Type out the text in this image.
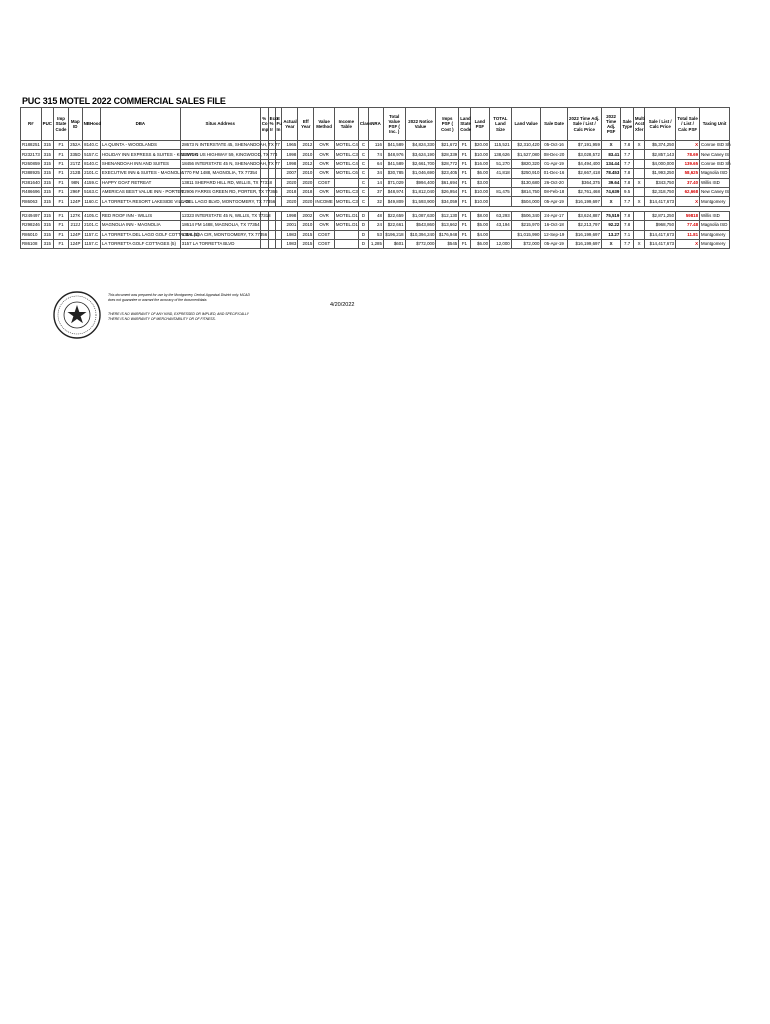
PUC 315 MOTEL 2022 COMMERCIAL SALES FILE
R#	PUC	Imp State Code	Map ID	NBHood	DBA	Situs Address	% Co mp	Eco % Ir	E Fu In	Actual Year	Eff Year	Value Method	Income Table	Class	NRA	Total Value PSF ( Inc. )	2022 Notice Value	Imps PSF ( Cost )	Land State Code	Land PSF	TOTAL Land Size	Land Value	Sale Date	2022 Time Adj. Sale / List / Calc Price	2022 Time Adj. PSF	Sale Type	Multi Acct Xfer	Sale / List / Calc Price	Total Sale / List / Calc PSF	Taxing Unit
R188251	315	F1	252A	8140.C	LA QUINTA - WOODLANDS	28673 N INTERSTATE 45, SHENANDOAH, TX 77				1965	2012	OVR	MOTEL.C4	C	116	$41,589	$4,824,330	$21,672	F1	$20.00	115,521	$2,310,420	05-Oct-16	$7,191,959	X	7.8	X	$5,374,250	X	Conroe ISD Sh
R232173	315	F1	335D	5157.C	HOLIDAY INN EXPRESS & SUITES - KINGWOO	22675 N US HIGHWAY 59, KINGWOOD, TX 773				1998	2010	OVR	MOTEL.C3	C	74	$48,976	$3,624,190	$28,339	F1	$10.00	138,626	$1,527,080	08-Dec-20	$3,028,572	83.41	7.7		$2,857,143	78.69	New Caney IS
R260859	315	F1	217Z	8140.C	SHENANDOAH INN AND SUITES	18456 INTERSTATE 45 N, SHENANDOAH, TX 77				1998	2012	OVR	MOTEL.C4	C	64	$41,589	$2,661,700	$28,772	F1	$16.00	51,270	$820,320	01-Apr-19	$4,494,400	134.44	7.7		$4,000,000	139.65	Conroe ISD Sh
R388925	315	F1	212B	2101.C	EXECUTIVE INN & SUITES - MAGNOLIA	1770 FM 1488, MAGNOLIA, TX 77354				2007	2010	OVR	MOTEL.C6	C	34	$30,785	$1,046,690	$23,405	F1	$6.00	41,818	$250,910	01-Dec-16	$2,667,418	78.453	7.8		$1,993,250	58,625	Magnolia ISD
R381640	315	F1	98N	4159.C	HAPPY GOAT RETREAT	13811 SHEPARD HILL RD, WILLIS, TX 77318				2020	2020	COST		C	14	$71,029	$994,400	$61,694	F1	$3.00		$130,680	26-Oct-20	$364,375	39.64	7.8	X	$343,750	37.40	Willis ISD
R486696	315	F1	296F	5163.C	AMERICAS BEST VALUE INN - PORTER	22906 FARRIS GREEN RD, PORTER, TX 77365				2018	2018	OVR	MOTEL.C3	C	37	$48,974	$1,812,040	$26,954	F1	$10.00	81,475	$814,750	08-Feb-18	$2,761,468	74,639	9.5		$2,318,750	62,668	New Caney IS
R86063	315	F1	124P	1160.C	LA TORRETTA RESORT LAKESIDE VILLAS	1 DEL LAGO BLVD, MONTGOMERY, TX 77356				2020	2020	INCOME	MOTEL.C3	C	32	$49,809	$1,593,900	$34,059	F1	$10.00		$504,000	05-Apr-19	$16,199,697	X	7.7	X	$14,417,673	X	Montgomery

R249497	315	F1	127K	4105.C	RED ROOF INN - WILLIS	12323 INTERSTATE 45 N, WILLIS, TX 77318				1998	2002	OVR	MOTEL.D1	D	48	$22,659	$1,087,630	$12,130	F1	$8.00	63,293	$506,340	24-Apr-17	$3,624,887	75,519	7.8		$2,871,250	59818	Willis ISD
R298246	315	F1	212J	2101.C	MAGNOLIA INN - MAGNOLIA	18614 FM 1488, MAGNOLIA, TX 77354				2001	2010	OVR	MOTEL.D1	D	24	$22,661	$543,860	$13,662	F1	$5.00	43,194	$215,970	16-Oct-18	$2,213,797	92.22	7.8		$968,750	77.48	Magnolia ISD
R86010	315	F1	124P	1157.C	LA TORRETTA DEL LAGO GOLF COTTAGES (1)	1 BALBOA CIR, MONTGOMERY, TX 77356				1983	2015	COST		D	53	$196,218	$10,394,240	$176,948	F1	$4.00		$1,015,990	12-Sep-19	$16,199,697	13.27	7.1		$14,417,673	11.81	Montgomery
R86108	315	F1	124P	1157.C	LA TORRETTA GOLF COTTAGES (5)	3157 LA TORRETTA BLVD				1983	2015	COST		D	1,285	$601	$772,000	$545	F1	$6.00	12,000	$72,000	05-Apr-19	$16,199,697	X	7.7	X	$14,417,673	X	Montgomery
This document was prepared for use by the Montgomery Central Appraisal District only. MCAD does not guarantee or warrant the accuracy of the document/data.
THERE IS NO WARRANTY OF ANY KIND, EXPRESSED OR IMPLIED, AND SPECIFICALLY THERE IS NO WARRANTY OF MERCHANTABILITY OR OF FITNESS.
4/20/2022
